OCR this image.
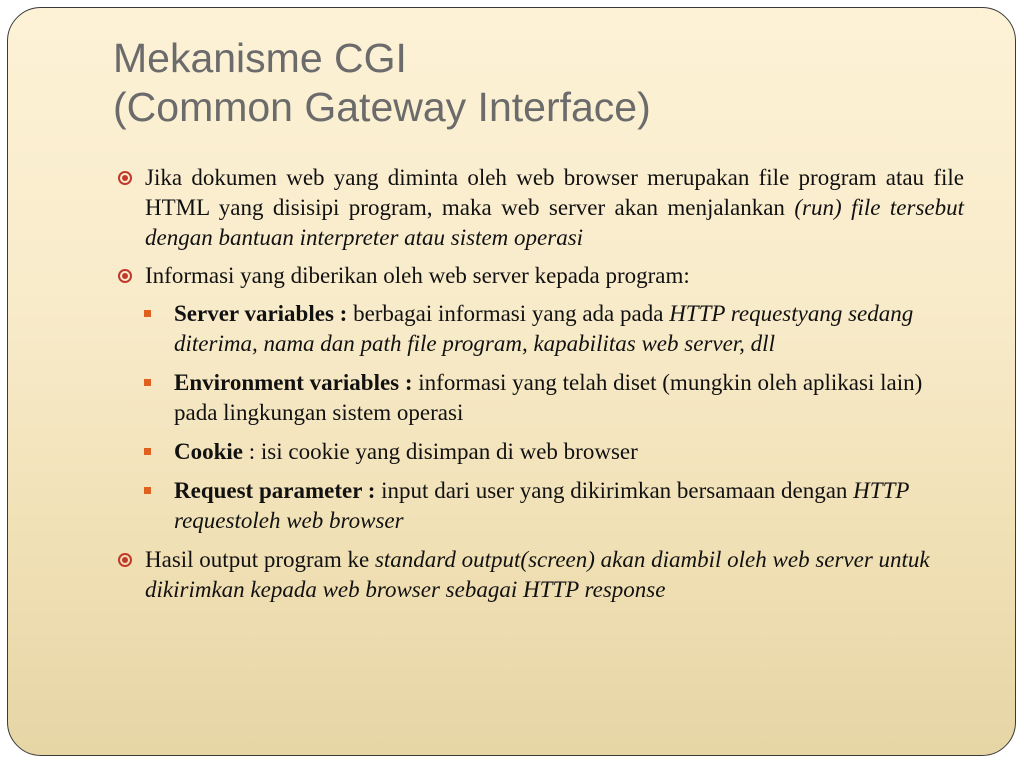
Mekanisme CGI
(Common Gateway Interface)
Jika dokumen web yang diminta oleh web browser merupakan file program atau file HTML yang disisipi program, maka web server akan menjalankan (run) file tersebut dengan bantuan interpreter atau sistem operasi
Informasi yang diberikan oleh web server kepada program:
Server variables : berbagai informasi yang ada pada HTTP requestyang sedang diterima, nama dan path file program, kapabilitas web server, dll
Environment variables : informasi yang telah diset (mungkin oleh aplikasi lain) pada lingkungan sistem operasi
Cookie : isi cookie yang disimpan di web browser
Request parameter : input dari user yang dikirimkan bersamaan dengan HTTP requestoleh web browser
Hasil output program ke standard output(screen) akan diambil oleh web server untuk dikirimkan kepada web browser sebagai HTTP response
